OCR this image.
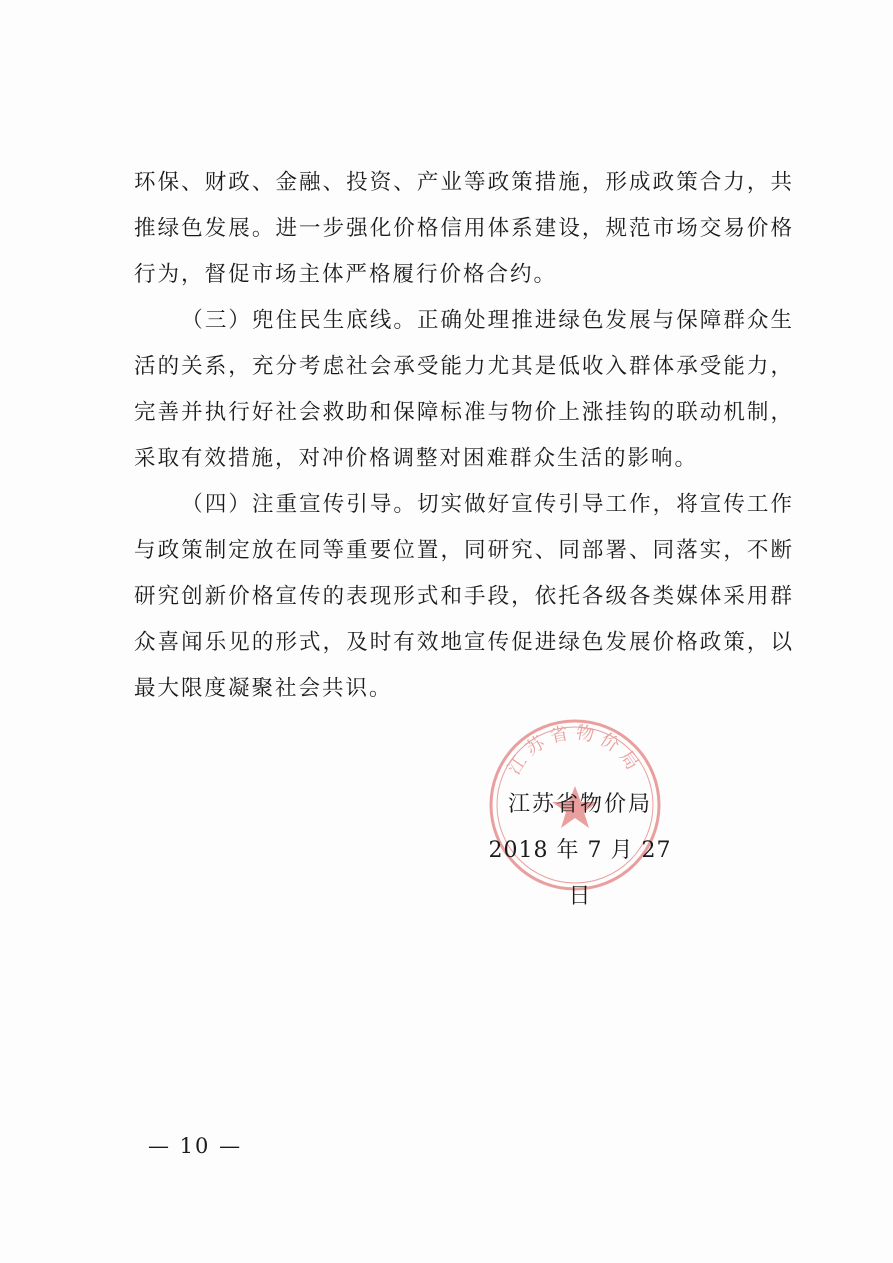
环保、财政、金融、投资、产业等政策措施，形成政策合力，共推绿色发展。进一步强化价格信用体系建设，规范市场交易价格行为，督促市场主体严格履行价格合约。

（三）兜住民生底线。正确处理推进绿色发展与保障群众生活的关系，充分考虑社会承受能力尤其是低收入群体承受能力，完善并执行好社会救助和保障标准与物价上涨挂钩的联动机制，采取有效措施，对冲价格调整对困难群众生活的影响。

（四）注重宣传引导。切实做好宣传引导工作，将宣传工作与政策制定放在同等重要位置，同研究、同部署、同落实，不断研究创新价格宣传的表现形式和手段，依托各级各类媒体采用群众喜闻乐见的形式，及时有效地宣传促进绿色发展价格政策，以最大限度凝聚社会共识。

江苏省物价局
江苏省物价局
2018 年 7 月 27 日
— 10 —
